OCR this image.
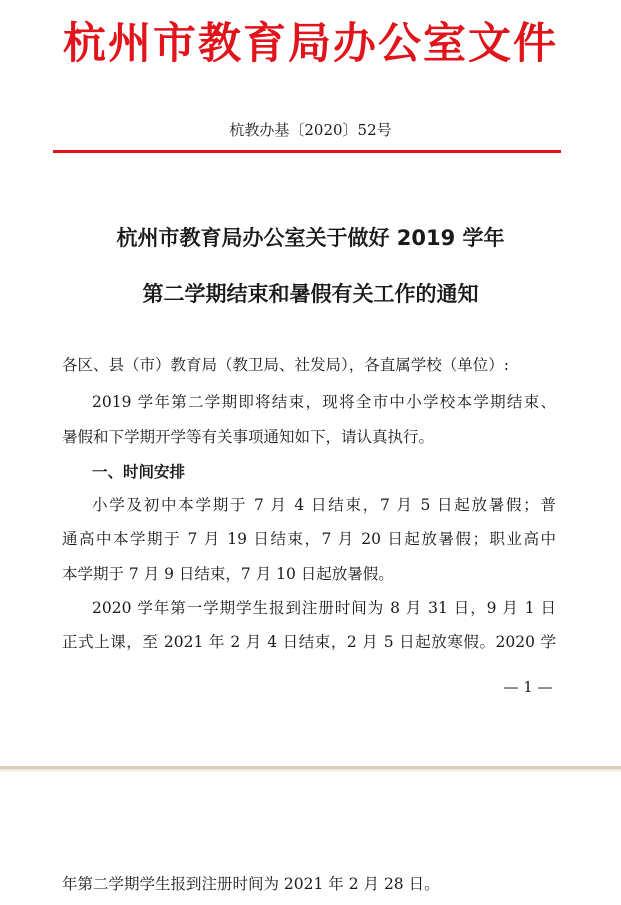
杭州市教育局办公室文件
杭教办基〔2020〕52号
杭州市教育局办公室关于做好 2019 学年
第二学期结束和暑假有关工作的通知

各区、县（市）教育局（教卫局、社发局），各直属学校（单位）:

2019 学年第二学期即将结束，现将全市中小学校本学期结束、

暑假和下学期开学等有关事项通知如下，请认真执行。

一、时间安排

小学及初中本学期于 7 月 4 日结束，7 月 5 日起放暑假；普

通高中本学期于 7 月 19 日结束，7 月 20 日起放暑假；职业高中

本学期于 7 月 9 日结束，7 月 10 日起放暑假。

2020 学年第一学期学生报到注册时间为 8 月 31 日，9 月 1 日

正式上课，至 2021 年 2 月 4 日结束，2 月 5 日起放寒假。2020 学

— 1 —

年第二学期学生报到注册时间为 2021 年 2 月 28 日。
